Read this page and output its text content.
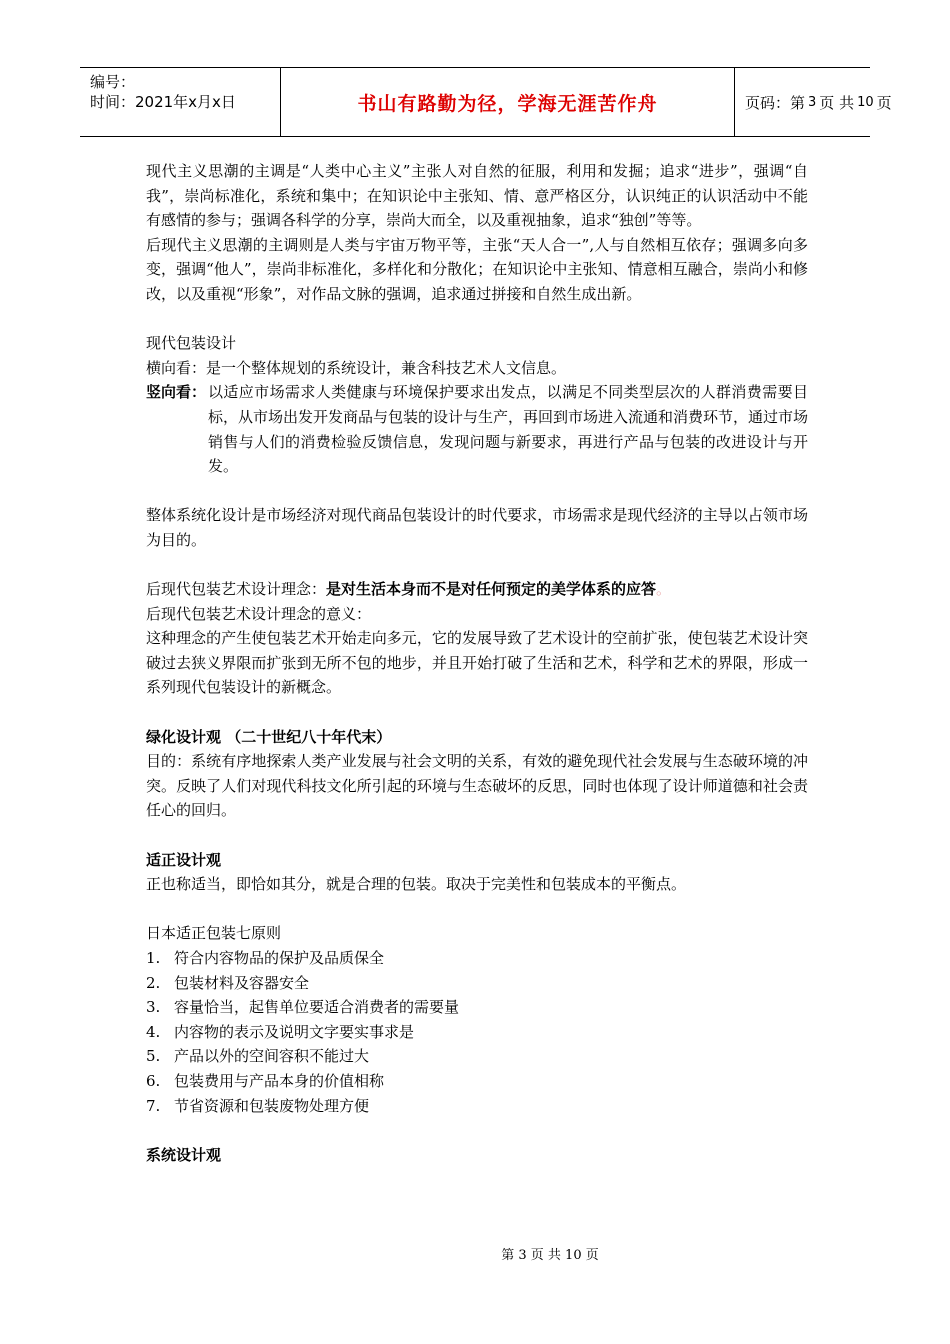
编号：
时间：2021年x月x日	书山有路勤为径，学海无涯苦作舟	页码：第 3 页 共 10 页

现代主义思潮的主调是“人类中心主义”主张人对自然的征服，利用和发掘；追求“进步”，强调“自我”，崇尚标准化，系统和集中；在知识论中主张知、情、意严格区分，认识纯正的认识活动中不能有感情的参与；强调各科学的分享，崇尚大而全，以及重视抽象，追求“独创”等等。

后现代主义思潮的主调则是人类与宇宙万物平等，主张“天人合一”,人与自然相互依存；强调多向多变，强调“他人”，崇尚非标准化，多样化和分散化；在知识论中主张知、情意相互融合，崇尚小和修改，以及重视“形象”，对作品文脉的强调，追求通过拼接和自然生成出新。

现代包装设计

横向看：是一个整体规划的系统设计，兼含科技艺术人文信息。

竖向看： 以适应市场需求人类健康与环境保护要求出发点，以满足不同类型层次的人群消费需要目标，从市场出发开发商品与包装的设计与生产，再回到市场进入流通和消费环节，通过市场销售与人们的消费检验反馈信息，发现问题与新要求，再进行产品与包装的改进设计与开发。

整体系统化设计是市场经济对现代商品包装设计的时代要求，市场需求是现代经济的主导以占领市场为目的。

后现代包装艺术设计理念：是对生活本身而不是对任何预定的美学体系的应答。

后现代包装艺术设计理念的意义：

这种理念的产生使包装艺术开始走向多元，它的发展导致了艺术设计的空前扩张，使包装艺术设计突破过去狭义界限而扩张到无所不包的地步，并且开始打破了生活和艺术，科学和艺术的界限，形成一系列现代包装设计的新概念。

绿化设计观 （二十世纪八十年代末）

目的：系统有序地探索人类产业发展与社会文明的关系，有效的避免现代社会发展与生态破环境的冲突。反映了人们对现代科技文化所引起的环境与生态破坏的反思，同时也体现了设计师道德和社会责任心的回归。

适正设计观

正也称适当，即恰如其分，就是合理的包装。取决于完美性和包装成本的平衡点。

日本适正包装七原则

1. 符合内容物品的保护及品质保全
2. 包装材料及容器安全
3. 容量恰当，起售单位要适合消费者的需要量
4. 内容物的表示及说明文字要实事求是
5. 产品以外的空间容积不能过大
6. 包装费用与产品本身的价值相称
7. 节省资源和包装废物处理方便

系统设计观

第 3 页 共 10 页
